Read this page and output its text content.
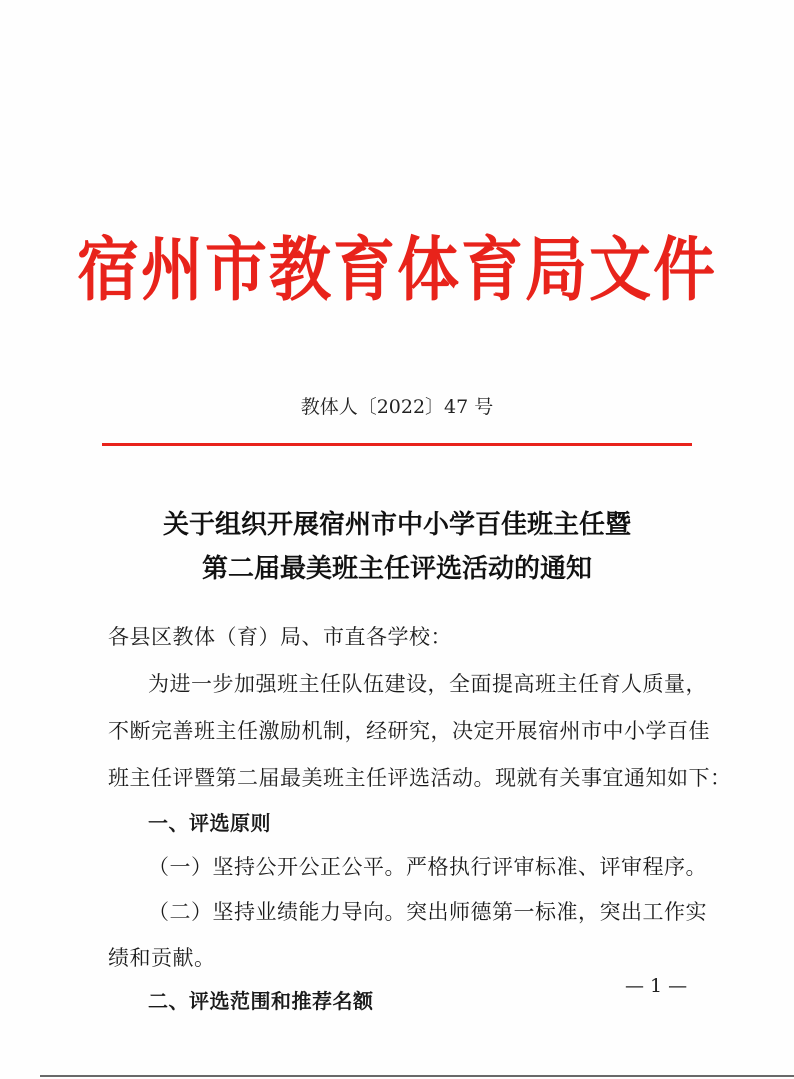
宿州市教育体育局文件
教体人〔2022〕47 号
关于组织开展宿州市中小学百佳班主任暨
第二届最美班主任评选活动的通知
各县区教体（育）局、市直各学校：
为进一步加强班主任队伍建设，全面提高班主任育人质量，
不断完善班主任激励机制，经研究，决定开展宿州市中小学百佳
班主任评暨第二届最美班主任评选活动。现就有关事宜通知如下：
一、评选原则
（一）坚持公开公正公平。严格执行评审标准、评审程序。
（二）坚持业绩能力导向。突出师德第一标准，突出工作实
绩和贡献。
二、评选范围和推荐名额
— 1 —
